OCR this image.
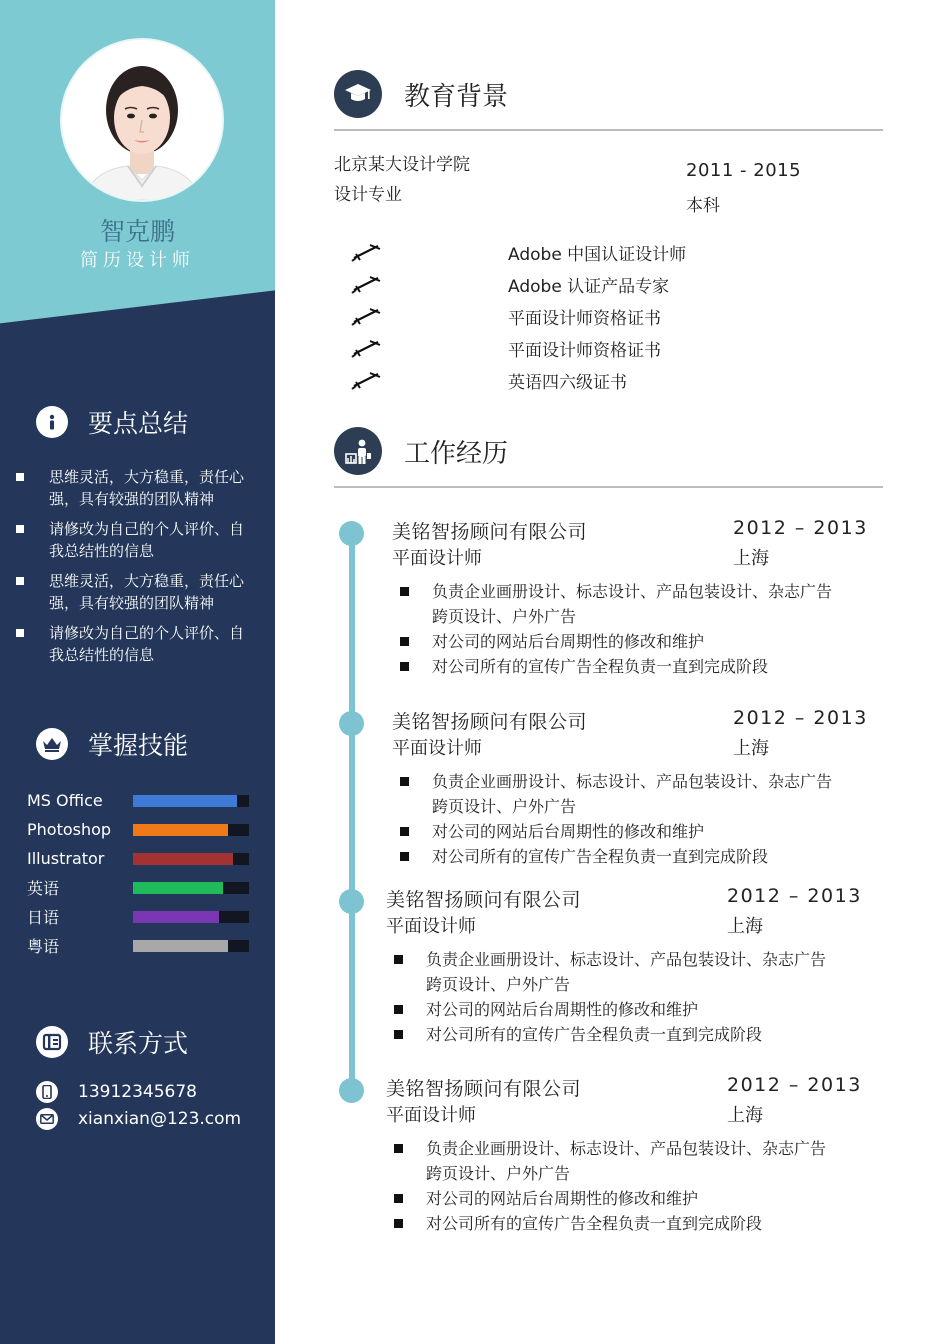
智克鹏
简历设计师
要点总结
思维灵活，大方稳重，责任心强，具有较强的团队精神
请修改为自己的个人评价、自我总结性的信息
思维灵活，大方稳重，责任心强，具有较强的团队精神
请修改为自己的个人评价、自我总结性的信息
掌握技能
MS Office
Photoshop
Illustrator
英语
日语
粤语
联系方式
13912345678
xianxian@123.com
教育背景
北京某大设计学院
设计专业
2011 - 2015
本科
Adobe 中国认证设计师
Adobe 认证产品专家
平面设计师资格证书
平面设计师资格证书
英语四六级证书
工作经历
美铭智扬顾问有限公司
平面设计师
2012 – 2013
上海
负责企业画册设计、标志设计、产品包装设计、杂志广告跨页设计、户外广告
对公司的网站后台周期性的修改和维护
对公司所有的宣传广告全程负责一直到完成阶段
美铭智扬顾问有限公司
平面设计师
2012 – 2013
上海
负责企业画册设计、标志设计、产品包装设计、杂志广告跨页设计、户外广告
对公司的网站后台周期性的修改和维护
对公司所有的宣传广告全程负责一直到完成阶段
美铭智扬顾问有限公司
平面设计师
2012 – 2013
上海
负责企业画册设计、标志设计、产品包装设计、杂志广告跨页设计、户外广告
对公司的网站后台周期性的修改和维护
对公司所有的宣传广告全程负责一直到完成阶段
美铭智扬顾问有限公司
平面设计师
2012 – 2013
上海
负责企业画册设计、标志设计、产品包装设计、杂志广告跨页设计、户外广告
对公司的网站后台周期性的修改和维护
对公司所有的宣传广告全程负责一直到完成阶段
